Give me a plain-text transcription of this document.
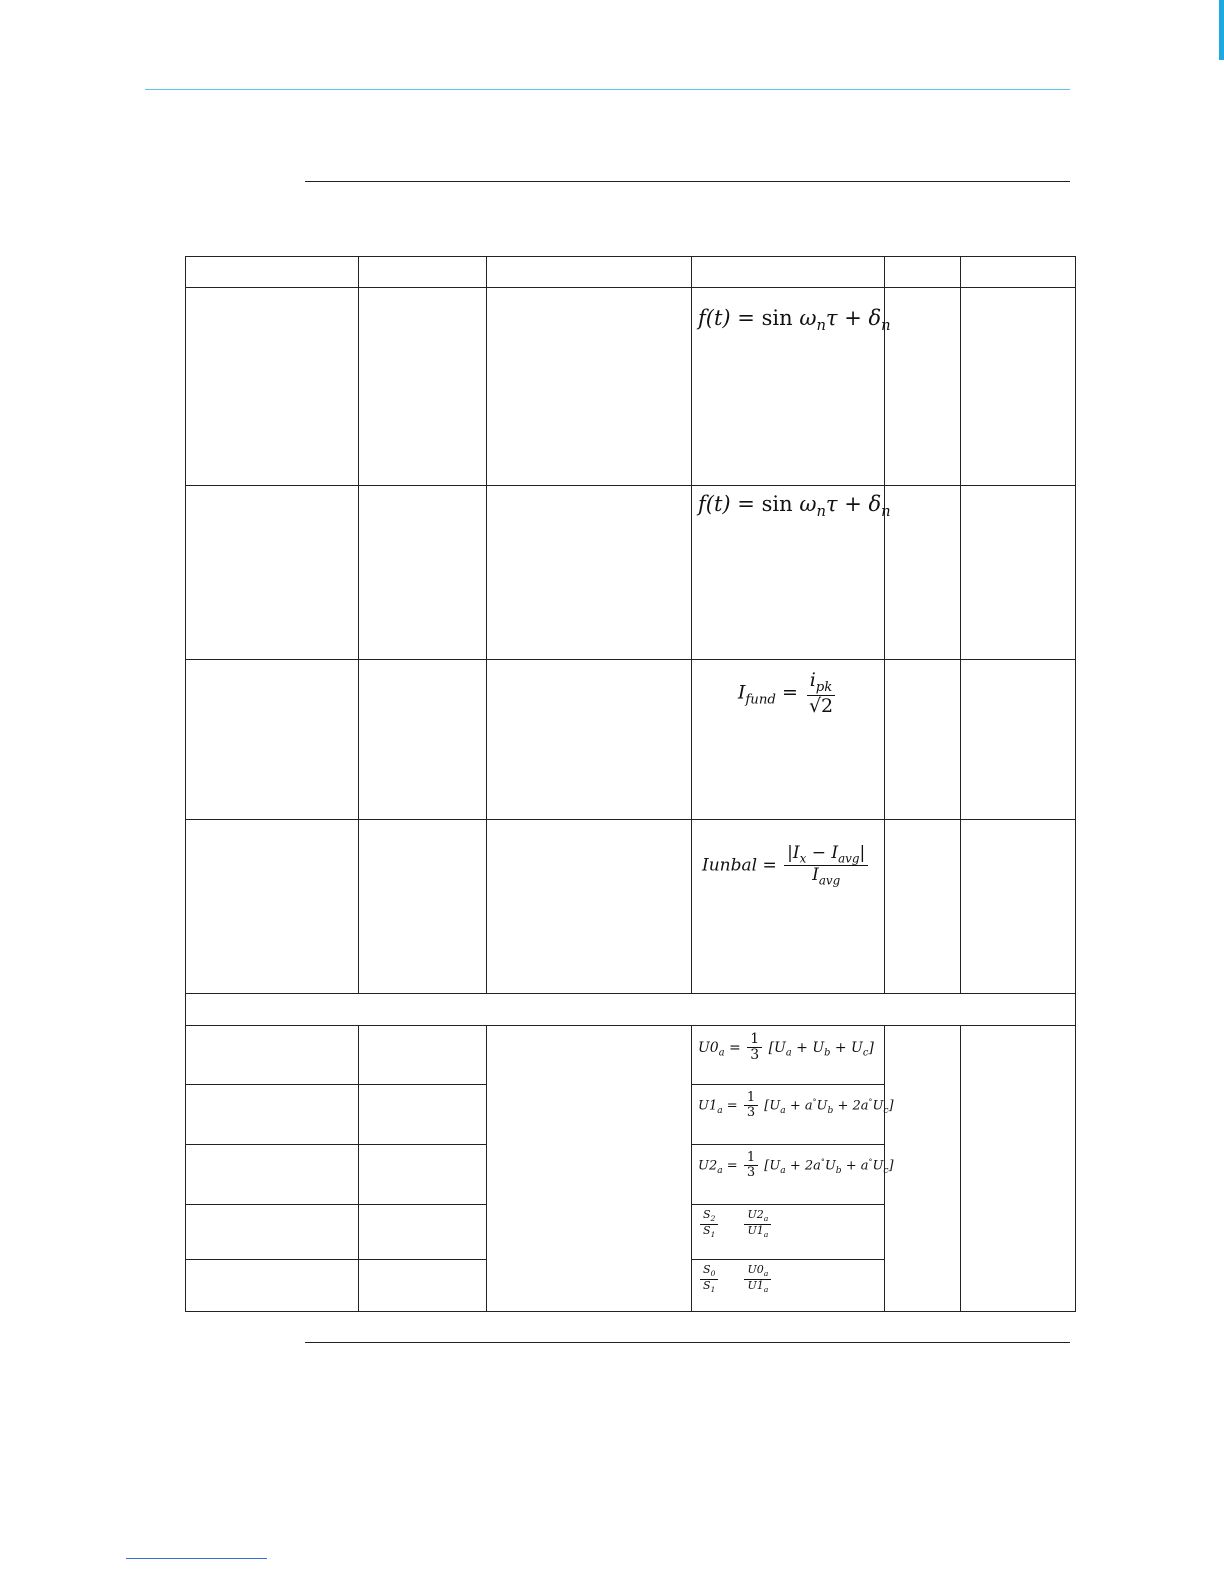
			$f(t) = \sin \omega_n\tau + \delta_n$

			$f(t) = \sin \omega_n\tau + \delta_n$

			$I_{fund} = \frac{i_{pk}}{√2}$

			Iunbal = $\frac{|I_x - I_{avg}|}{I_{avg}}$

			$U0_a = \frac{1}{3} [U_a + U_b + U_c]$		

			$U1_a = \frac{1}{3} [U_a + a^\circ U_b + 2a^\circ U_c]$		

			$U2_a = \frac{1}{3} [U_a + 2a^\circ U_b + a^\circ U_c]$		

			$\frac{S_2}{S_1} \frac{U2_a}{U1_a}$

			$\frac{S_0}{S_1} \frac{U0_a}{U1_a}$
